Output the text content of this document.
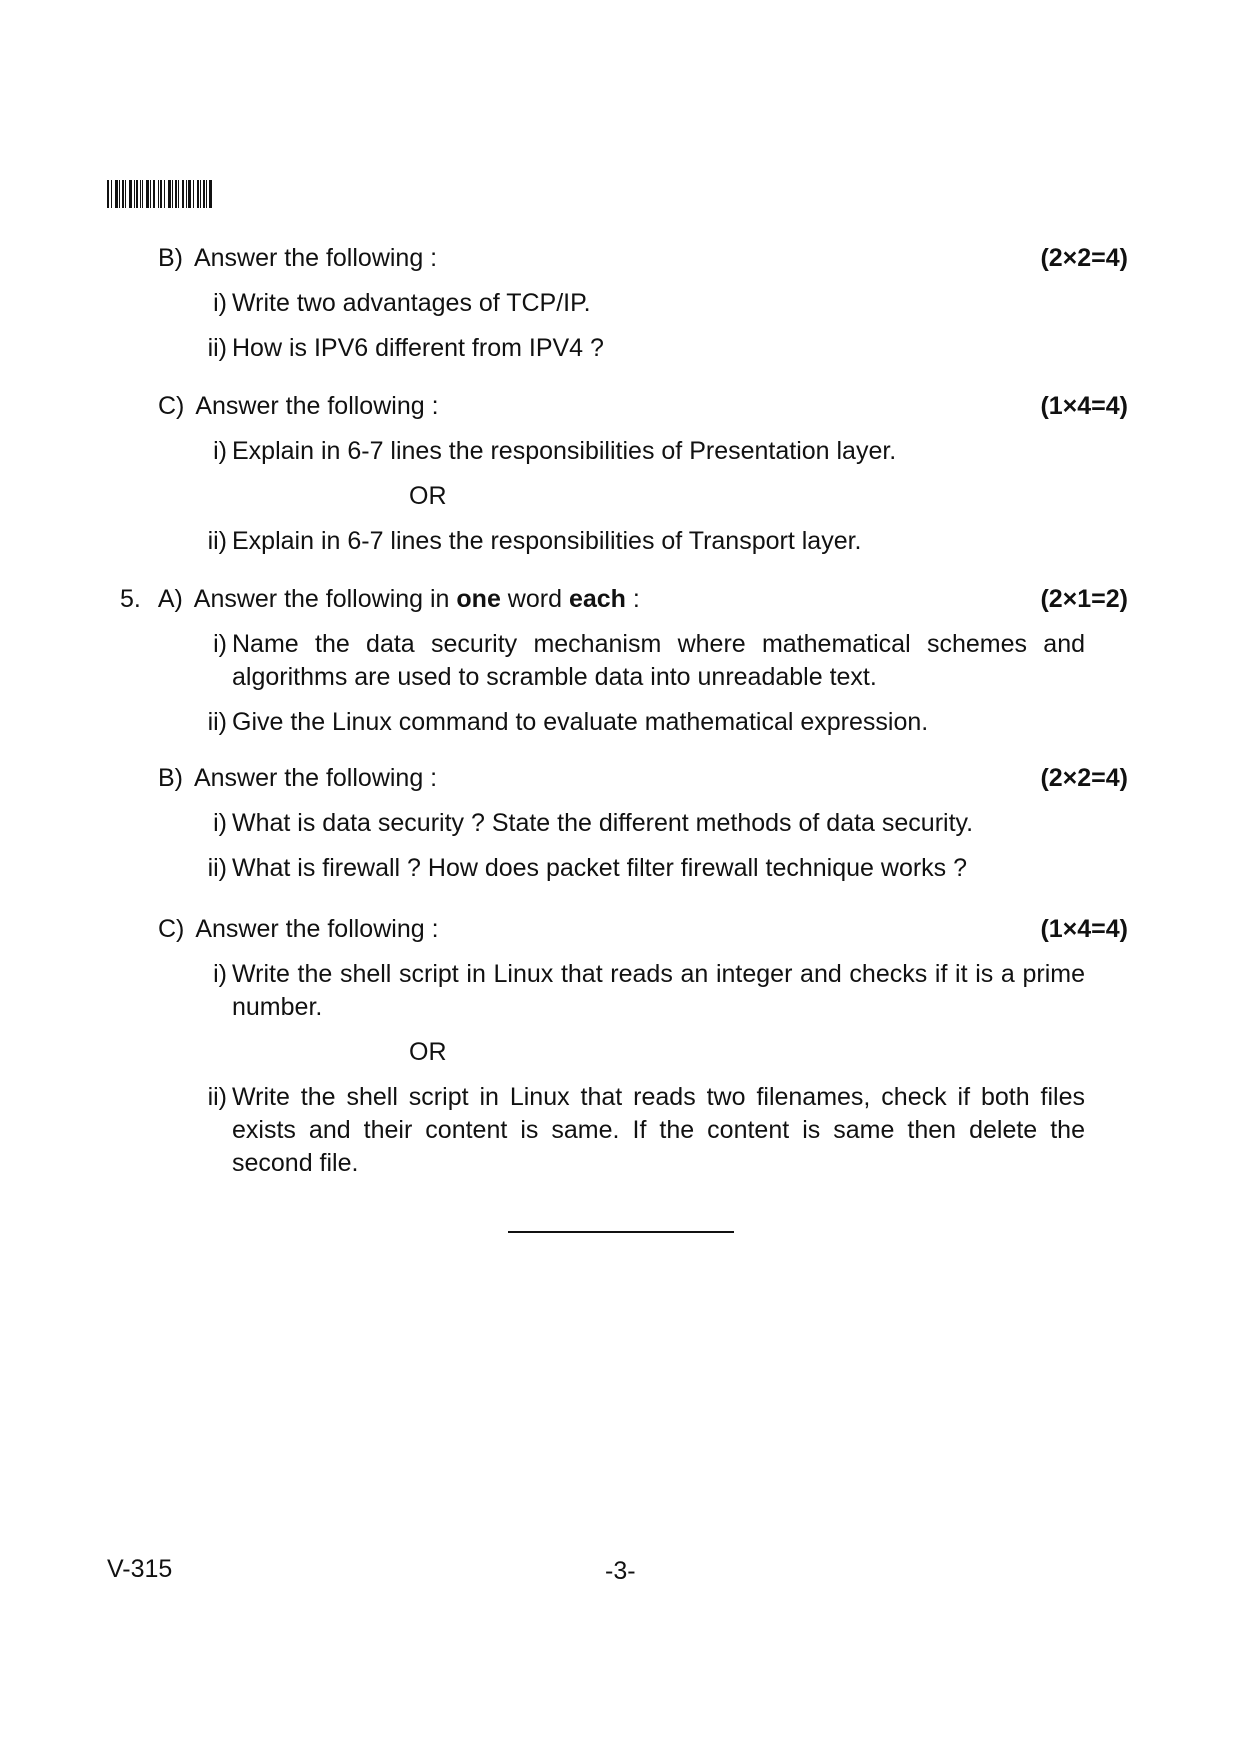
B) Answer the following :	(2×2=4)
i) Write two advantages of TCP/IP.
ii) How is IPV6 different from IPV4 ?
C) Answer the following :	(1×4=4)
i) Explain in 6-7 lines the responsibilities of Presentation layer.
OR
ii) Explain in 6-7 lines the responsibilities of Transport layer.
5. A) Answer the following in one word each :	(2×1=2)
i) Name the data security mechanism where mathematical schemes and algorithms are used to scramble data into unreadable text.
ii) Give the Linux command to evaluate mathematical expression.
B) Answer the following :	(2×2=4)
i) What is data security ? State the different methods of data security.
ii) What is firewall ? How does packet filter firewall technique works ?
C) Answer the following :	(1×4=4)
i) Write the shell script in Linux that reads an integer and checks if it is a prime number.
OR
ii) Write the shell script in Linux that reads two filenames, check if both files exists and their content is same. If the content is same then delete the second file.
V-315	-3-
